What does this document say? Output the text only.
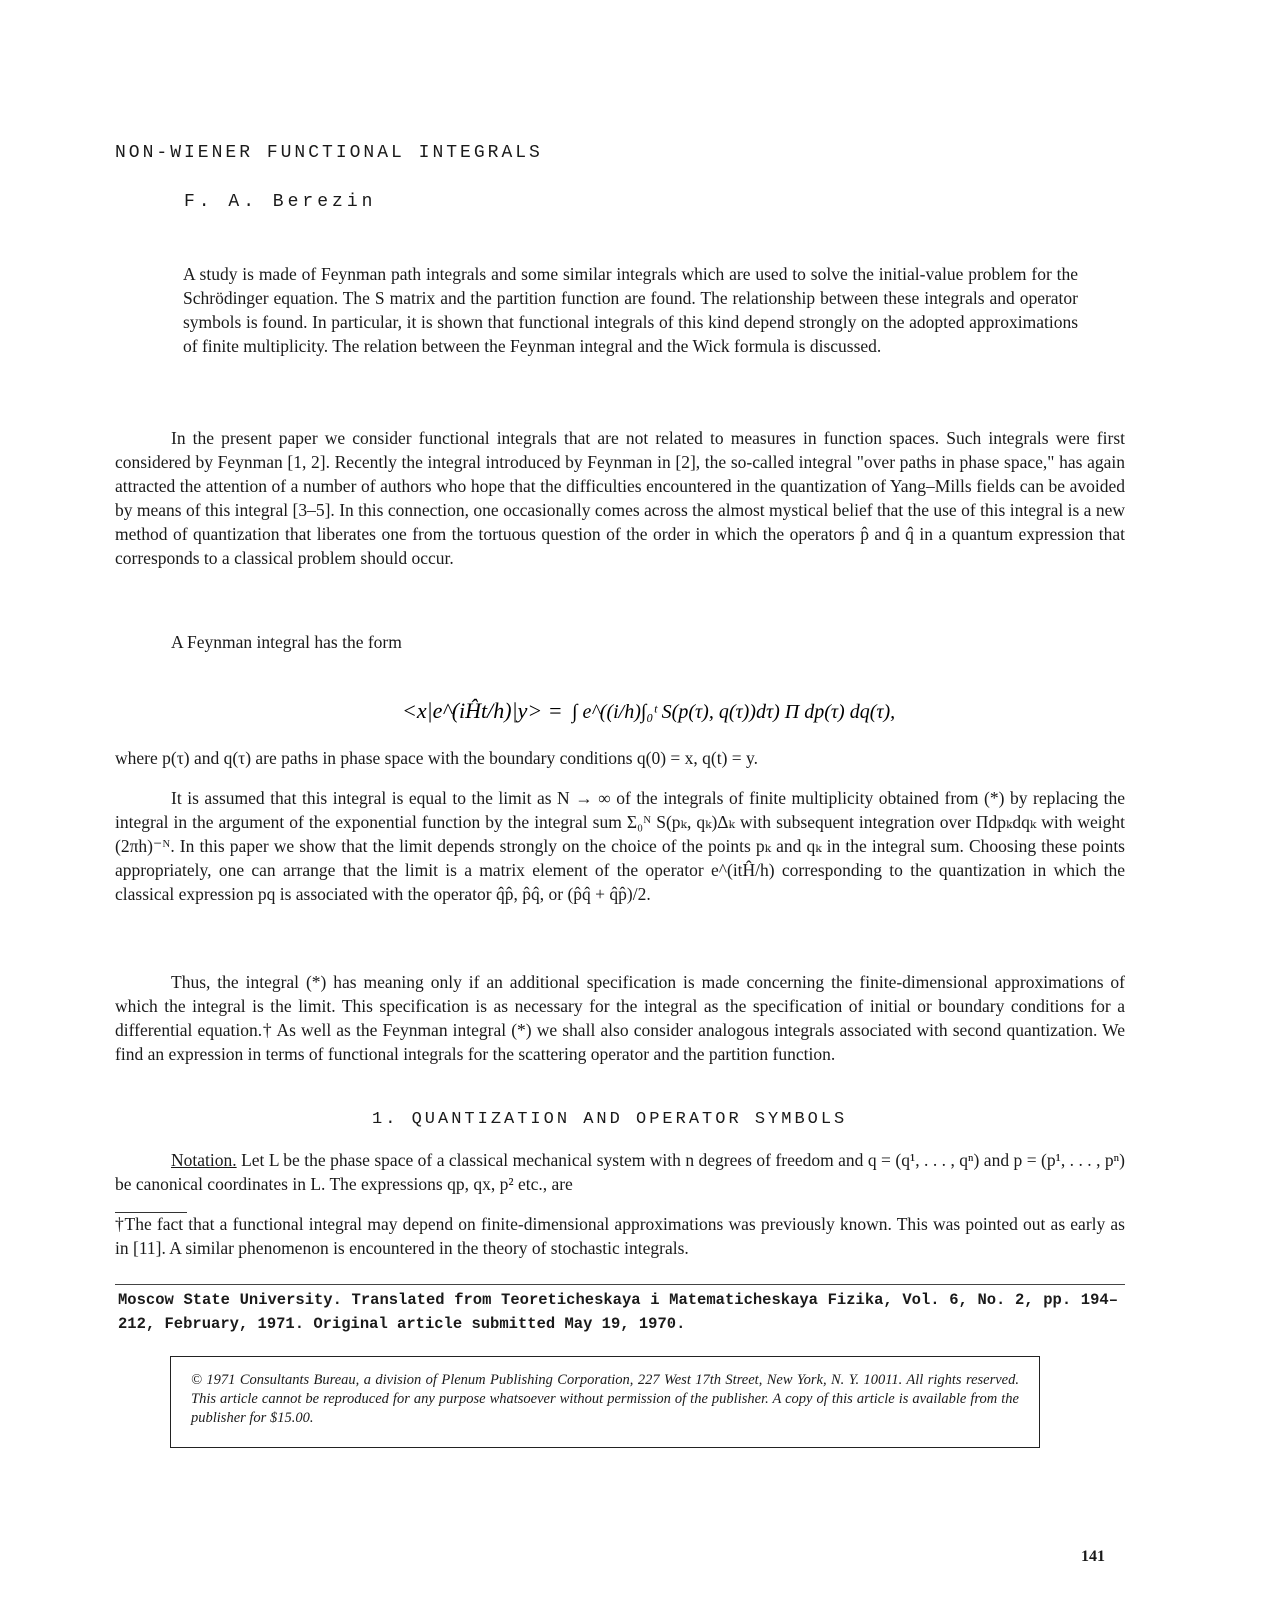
NON-WIENER FUNCTIONAL INTEGRALS
F. A. Berezin
A study is made of Feynman path integrals and some similar integrals which are used to solve the initial-value problem for the Schrödinger equation. The S matrix and the partition function are found. The relationship between these integrals and operator symbols is found. In particular, it is shown that functional integrals of this kind depend strongly on the adopted approximations of finite multiplicity. The relation between the Feynman integral and the Wick formula is discussed.

In the present paper we consider functional integrals that are not related to measures in function spaces. Such integrals were first considered by Feynman [1, 2]. Recently the integral introduced by Feynman in [2], the so-called integral "over paths in phase space," has again attracted the attention of a number of authors who hope that the difficulties encountered in the quantization of Yang–Mills fields can be avoided by means of this integral [3–5]. In this connection, one occasionally comes across the almost mystical belief that the use of this integral is a new method of quantization that liberates one from the tortuous question of the order in which the operators p̂ and q̂ in a quantum expression that corresponds to a classical problem should occur.

A Feynman integral has the form

<x|e^(iĤt/h)|y> = ∫ e^((i/h)∫₀ᵗ S(p(τ), q(τ))dτ) Π dp(τ) dq(τ),

where p(τ) and q(τ) are paths in phase space with the boundary conditions q(0) = x, q(t) = y.

It is assumed that this integral is equal to the limit as N → ∞ of the integrals of finite multiplicity obtained from (*) by replacing the integral in the argument of the exponential function by the integral sum Σ₀ᴺ S(pₖ, qₖ)Δₖ with subsequent integration over Πdpₖdqₖ with weight (2πh)⁻ᴺ. In this paper we show that the limit depends strongly on the choice of the points pₖ and qₖ in the integral sum. Choosing these points appropriately, one can arrange that the limit is a matrix element of the operator e^(itĤ/h) corresponding to the quantization in which the classical expression pq is associated with the operator q̂p̂, p̂q̂, or (p̂q̂ + q̂p̂)/2.

Thus, the integral (*) has meaning only if an additional specification is made concerning the finite-dimensional approximations of which the integral is the limit. This specification is as necessary for the integral as the specification of initial or boundary conditions for a differential equation.† As well as the Feynman integral (*) we shall also consider analogous integrals associated with second quantization. We find an expression in terms of functional integrals for the scattering operator and the partition function.

1. QUANTIZATION AND OPERATOR SYMBOLS

Notation. Let L be the phase space of a classical mechanical system with n degrees of freedom and q = (q¹, . . . , qⁿ) and p = (p¹, . . . , pⁿ) be canonical coordinates in L. The expressions qp, qx, p² etc., are

†The fact that a functional integral may depend on finite-dimensional approximations was previously known. This was pointed out as early as in [11]. A similar phenomenon is encountered in the theory of stochastic integrals.
Moscow State University. Translated from Teoreticheskaya i Matematicheskaya Fizika, Vol. 6, No. 2, pp. 194–212, February, 1971. Original article submitted May 19, 1970.
© 1971 Consultants Bureau, a division of Plenum Publishing Corporation, 227 West 17th Street, New York, N. Y. 10011. All rights reserved. This article cannot be reproduced for any purpose whatsoever without permission of the publisher. A copy of this article is available from the publisher for $15.00.
141
